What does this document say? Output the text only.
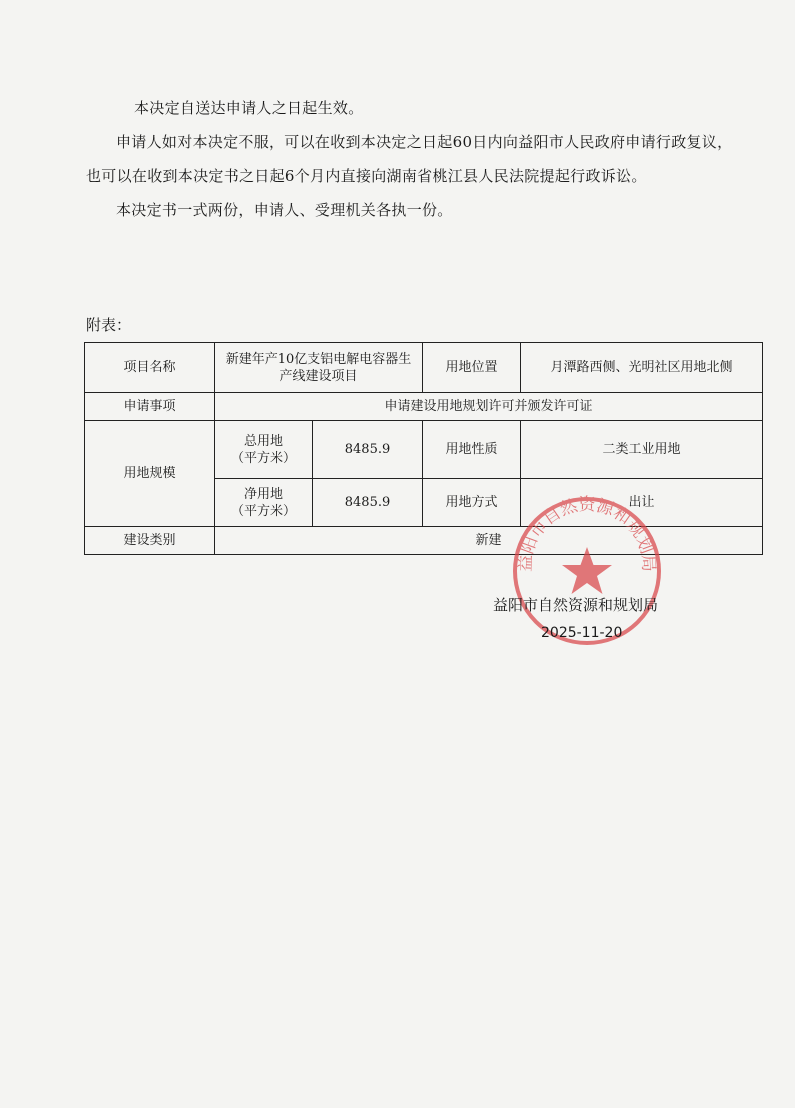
本决定自送达申请人之日起生效。

申请人如对本决定不服，可以在收到本决定之日起60日内向益阳市人民政府申请行政复议，也可以在收到本决定书之日起6个月内直接向湖南省桃江县人民法院提起行政诉讼。

本决定书一式两份，申请人、受理机关各执一份。

附表：
项目名称	新建年产10亿支铝电解电容器生产线建设项目		用地位置	月潭路西侧、光明社区用地北侧
申请事项	申请建设用地规划许可并颁发许可证			
用地规模	总用地
（平方米）	8485.9	用地性质	二类工业用地
	净用地
（平方米）	8485.9	用地方式	出让
建设类别	新建			
益阳市自然资源和规划局
益阳市自然资源和规划局
2025-11-20
